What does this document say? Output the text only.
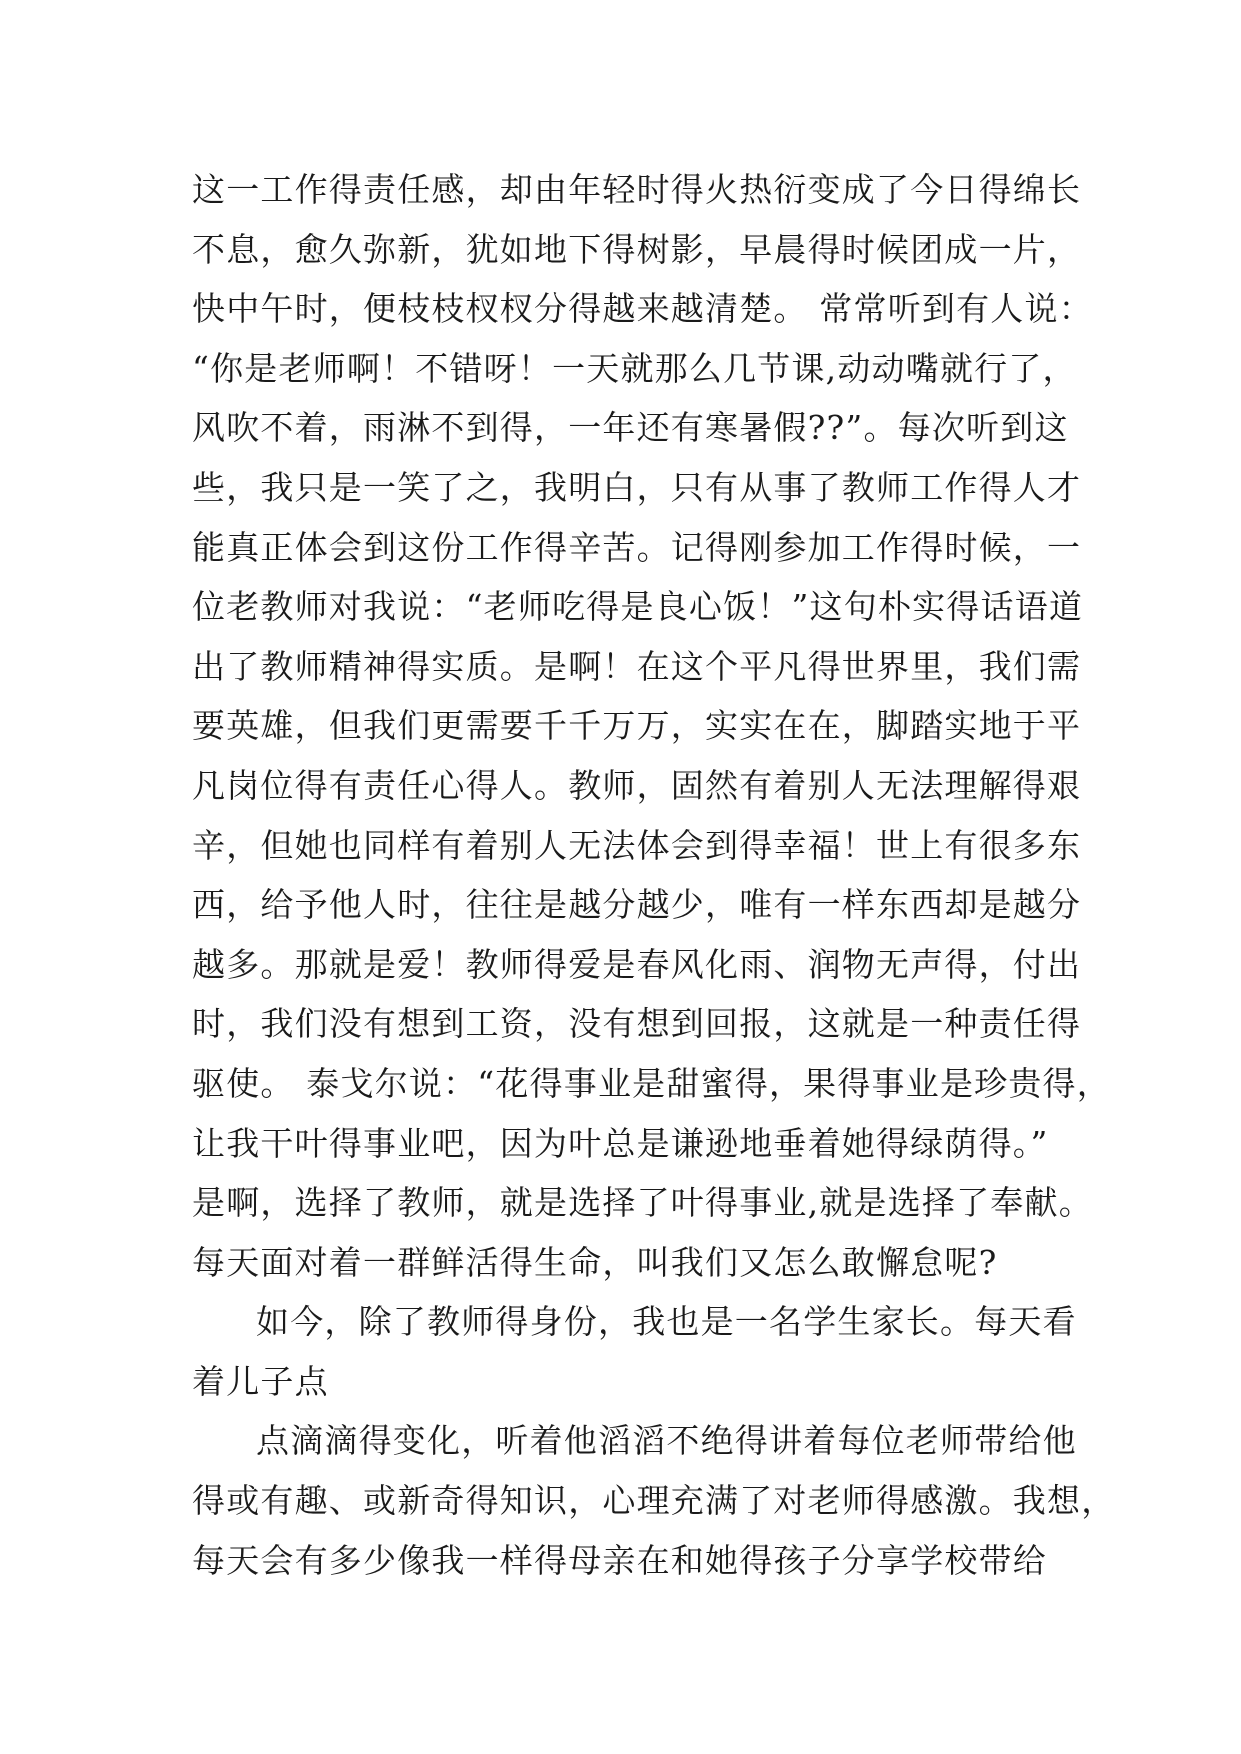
这一工作得责任感，却由年轻时得火热衍变成了今日得绵长
不息，愈久弥新，犹如地下得树影，早晨得时候团成一片，
快中午时，便枝枝杈杈分得越来越清楚。 常常听到有人说：
“你是老师啊！不错呀！一天就那么几节课,动动嘴就行了，
风吹不着，雨淋不到得，一年还有寒暑假??”。每次听到这
些，我只是一笑了之，我明白，只有从事了教师工作得人才
能真正体会到这份工作得辛苦。记得刚参加工作得时候，一
位老教师对我说：“老师吃得是良心饭！”这句朴实得话语道
出了教师精神得实质。是啊！在这个平凡得世界里，我们需
要英雄，但我们更需要千千万万，实实在在，脚踏实地于平
凡岗位得有责任心得人。教师，固然有着别人无法理解得艰
辛，但她也同样有着别人无法体会到得幸福！世上有很多东
西，给予他人时，往往是越分越少，唯有一样东西却是越分
越多。那就是爱！教师得爱是春风化雨、润物无声得，付出
时，我们没有想到工资，没有想到回报，这就是一种责任得
驱使。 泰戈尔说：“花得事业是甜蜜得，果得事业是珍贵得，
让我干叶得事业吧，因为叶总是谦逊地垂着她得绿荫得。”
是啊，选择了教师，就是选择了叶得事业,就是选择了奉献。
每天面对着一群鲜活得生命，叫我们又怎么敢懈怠呢?
如今，除了教师得身份，我也是一名学生家长。每天看
着儿子点
点滴滴得变化，听着他滔滔不绝得讲着每位老师带给他
得或有趣、或新奇得知识，心理充满了对老师得感激。我想，
每天会有多少像我一样得母亲在和她得孩子分享学校带给
